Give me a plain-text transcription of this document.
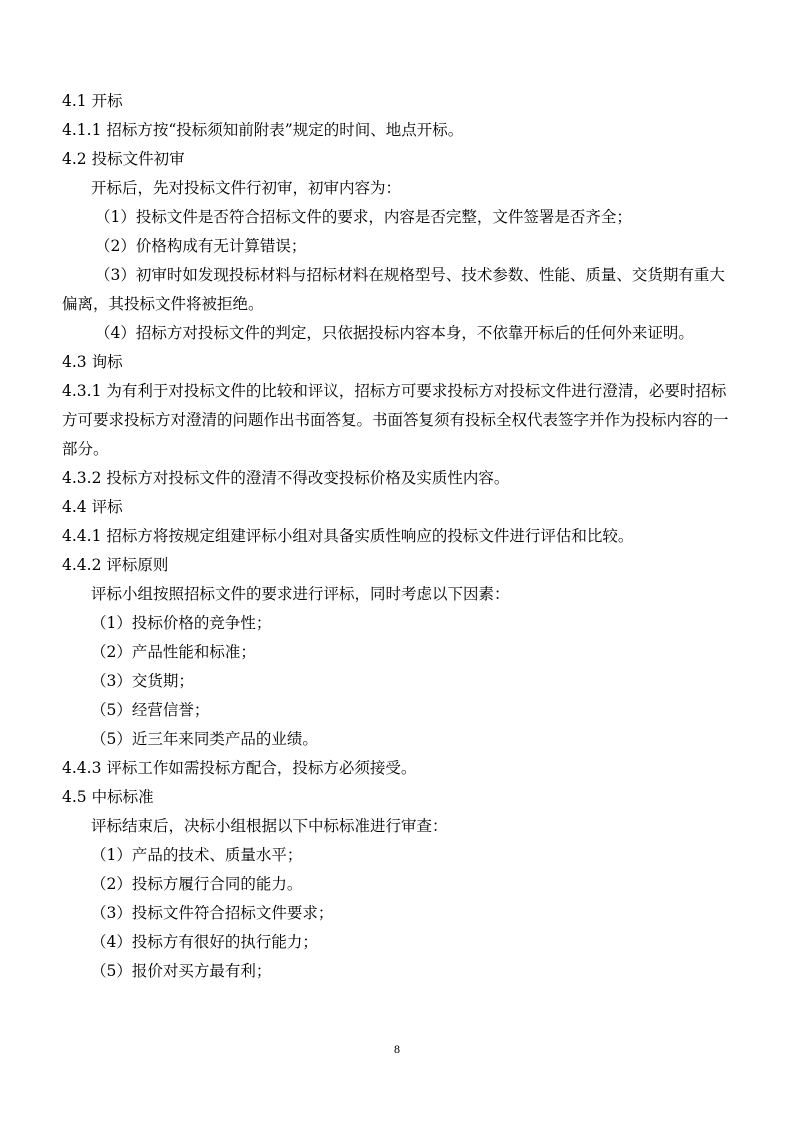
4.1 开标
4.1.1 招标方按“投标须知前附表”规定的时间、地点开标。
4.2 投标文件初审
开标后，先对投标文件行初审，初审内容为：
（1）投标文件是否符合招标文件的要求，内容是否完整，文件签署是否齐全；
（2）价格构成有无计算错误；
（3）初审时如发现投标材料与招标材料在规格型号、技术参数、性能、质量、交货期有重大偏离，其投标文件将被拒绝。
（4）招标方对投标文件的判定，只依据投标内容本身，不依靠开标后的任何外来证明。
4.3 询标
4.3.1 为有利于对投标文件的比较和评议，招标方可要求投标方对投标文件进行澄清，必要时招标方可要求投标方对澄清的问题作出书面答复。书面答复须有投标全权代表签字并作为投标内容的一部分。
4.3.2 投标方对投标文件的澄清不得改变投标价格及实质性内容。
4.4 评标
4.4.1 招标方将按规定组建评标小组对具备实质性响应的投标文件进行评估和比较。
4.4.2 评标原则
评标小组按照招标文件的要求进行评标，同时考虑以下因素：
（1）投标价格的竞争性；
（2）产品性能和标准；
（3）交货期；
（5）经营信誉；
（5）近三年来同类产品的业绩。
4.4.3 评标工作如需投标方配合，投标方必须接受。
4.5 中标标准
评标结束后，决标小组根据以下中标标准进行审查：
（1）产品的技术、质量水平；
（2）投标方履行合同的能力。
（3）投标文件符合招标文件要求；
（4）投标方有很好的执行能力；
（5）报价对买方最有利；
8
